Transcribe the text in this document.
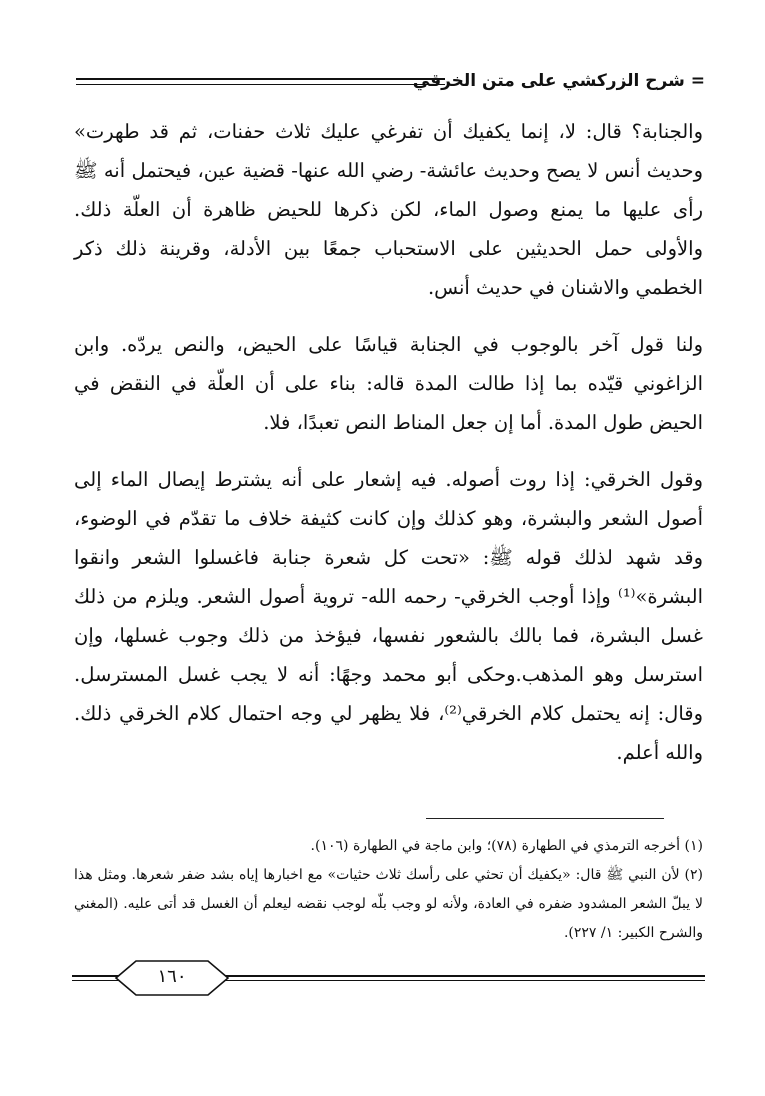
= شرح الزركشي على متن الخرقي

والجنابة؟ قال: لا، إنما يكفيك أن تفرغي عليك ثلاث حفنات، ثم قد طهرت» وحديث أنس لا يصح وحديث عائشة- رضي الله عنها- قضية عين، فيحتمل أنه ﷺ رأى عليها ما يمنع وصول الماء، لكن ذكرها للحيض ظاهرة أن العلّة ذلك. والأولى حمل الحديثين على الاستحباب جمعًا بين الأدلة، وقرينة ذلك ذكر الخطمي والاشنان في حديث أنس.

ولنا قول آخر بالوجوب في الجنابة قياسًا على الحيض، والنص يردّه. وابن الزاغوني قيّده بما إذا طالت المدة قاله: بناء على أن العلّة في النقض في الحيض طول المدة. أما إن جعل المناط النص تعبدًا، فلا.

وقول الخرقي: إذا روت أصوله. فيه إشعار على أنه يشترط إيصال الماء إلى أصول الشعر والبشرة، وهو كذلك وإن كانت كثيفة خلاف ما تقدّم في الوضوء، وقد شهد لذلك قوله ﷺ: «تحت كل شعرة جنابة فاغسلوا الشعر وانقوا البشرة»⁽¹⁾ وإذا أوجب الخرقي- رحمه الله- تروية أصول الشعر. ويلزم من ذلك غسل البشرة، فما بالك بالشعور نفسها، فيؤخذ من ذلك وجوب غسلها، وإن استرسل وهو المذهب.وحكى أبو محمد وجهًا: أنه لا يجب غسل المسترسل. وقال: إنه يحتمل كلام الخرقي⁽²⁾، فلا يظهر لي وجه احتمال كلام الخرقي ذلك. والله أعلم.

(١) أخرجه الترمذي في الطهارة (٧٨)؛ وابن ماجة في الطهارة (١٠٦).

(٢) لأن النبي ﷺ قال: «يكفيك أن تحثي على رأسك ثلاث حثيات» مع اخبارها إياه بشد ضفر شعرها. ومثل هذا لا يبلّ الشعر المشدود ضفره في العادة، ولأنه لو وجب بلّه لوجب نقضه ليعلم أن الغسل قد أتى عليه. (المغني والشرح الكبير: ١/ ٢٢٧).

١٦٠
